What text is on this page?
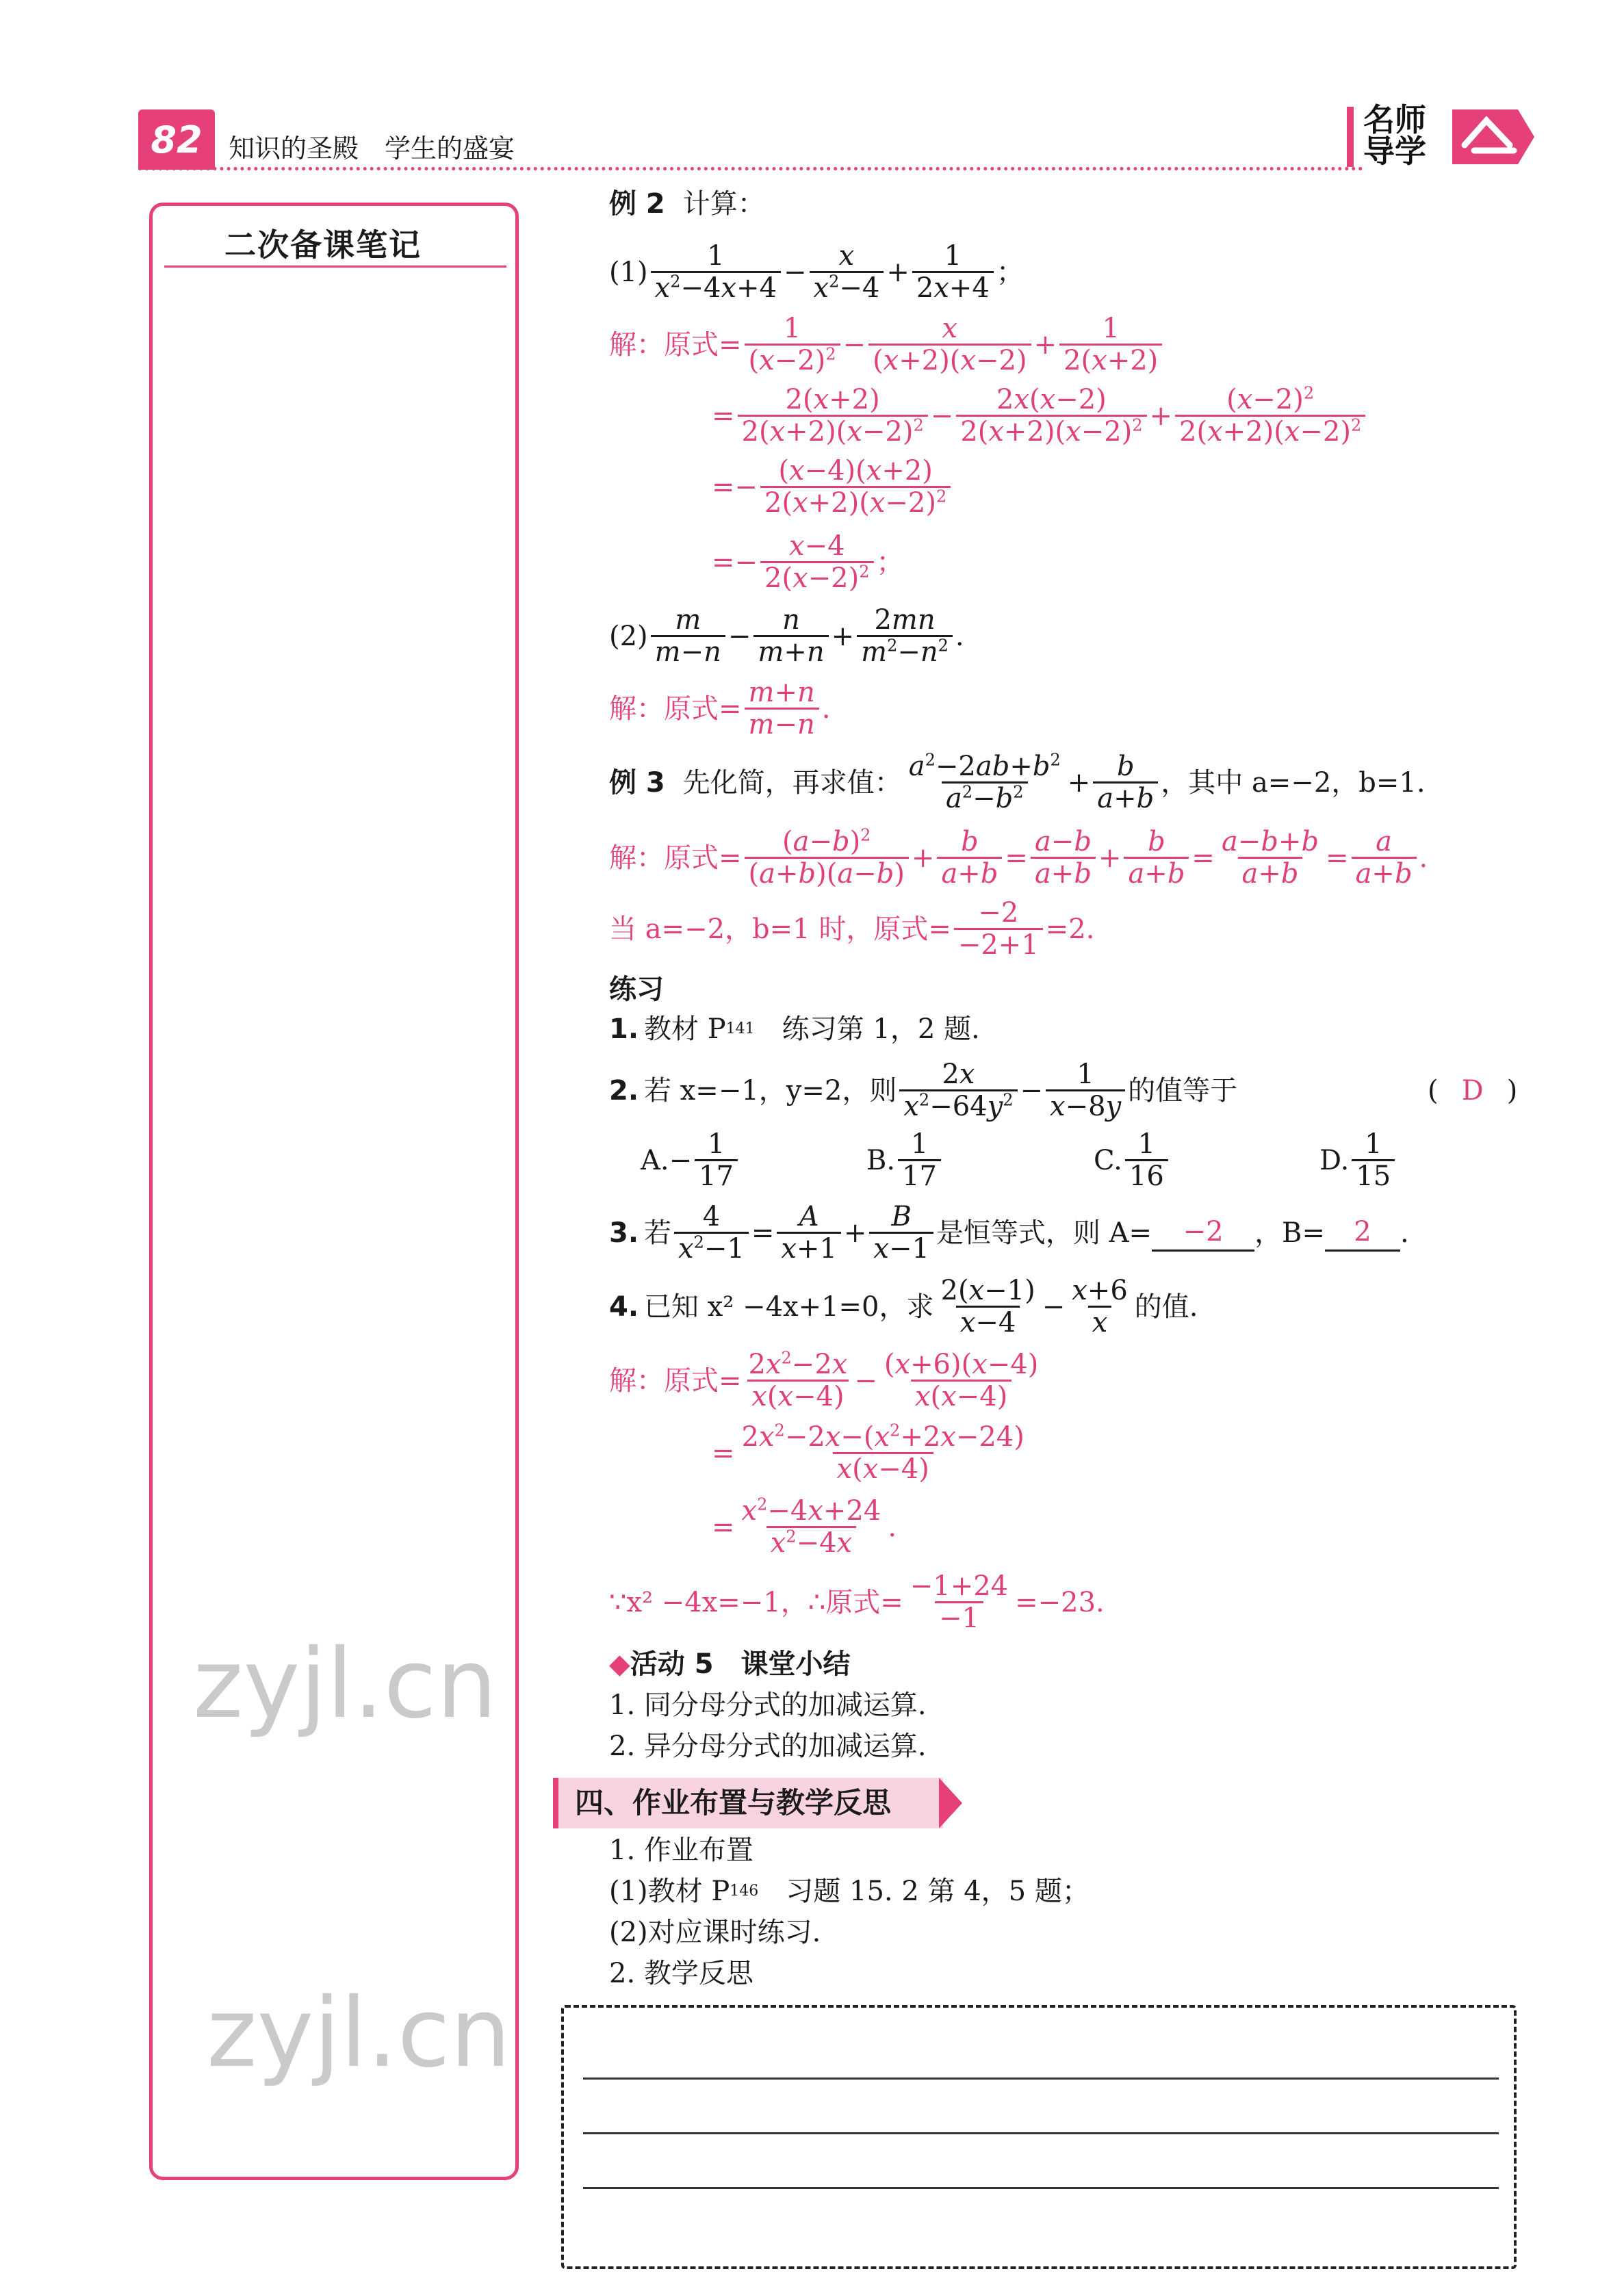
82	知识的圣殿　学生的盛宴
名师
导学
二次备课笔记
zyjl.cn
zyjl.cn
例 2 计算：
(1)
1
$x^2-4x+4$
− $\frac{x}{x^2-4} + \frac{1}{2x+4}$ ；
解：原式 = $\frac{1}{(x-2)^2} - \frac{x}{(x+2)(x-2)} + \frac{1}{2(x+2)}$
= $\frac{2(x+2)}{2(x+2)(x-2)^2} - \frac{2x(x-2)}{2(x+2)(x-2)^2} + \frac{(x-2)^2}{2(x+2)(x-2)^2}$
=− $\frac{(x-4)(x+2)}{2(x+2)(x-2)^2}$
=− $\frac{x-4}{2(x-2)^2}$ ；
(2)
m
m−n
− $\frac{n}{m+n} + \frac{2mn}{m^2-n^2}$ .
解：原式 = $\frac{m+n}{m-n}$ .
例 3 先化简，再求值：
$a^2-2ab+b^2$
$a^2-b^2 + \frac{b}{a+b}$ ，其中 a=−2，b=1.
解：原式 = $\frac{(a-b)^2}{(a+b)(a-b)} + \frac{b}{a+b} = \frac{a-b}{a+b} + \frac{b}{a+b} = \frac{a-b+b}{a+b} = \frac{a}{a+b}$ .
当 a=−2，b=1 时，原式= $\frac{-2}{-2+1} =2$.
练习
1. 教材 P 141 　练习第 1，2 题.
2. 若 x=−1，y=2，则
2x
$x^2-64y^2 - \frac{1}{x-8y}$ 的值等于	( D )
A. − $\frac{1}{17}$	B.
1
17
C.
1
16
D.
1
15
3. 若 $\frac{4}{x^2-1} = \frac{A}{x+1} + \frac{B}{x-1}$ 是恒等式，则 A=	−2	，B=	2	.
4. 已知 x² −4x+1=0，求
2(x−1)
x−4
− $\frac{x+6}{x}$ 的值.
解：原式 = $\frac{2x^2-2x}{x(x-4)} - \frac{(x+6)(x-4)}{x(x-4)}$
= $\frac{2x^2-2x-(x^2+2x-24)}{x(x-4)}$
= $\frac{x^2-4x+24}{x^2-4x}$ .
∵x² −4x=−1，∴原式= $\frac{-1+24}{-1} =-23$.
◆ 活动 5　课堂小结
1. 同分母分式的加减运算.
2. 异分母分式的加减运算.
四、作业布置与教学反思
1. 作业布置
(1)教材 P 146 　习题 15. 2 第 4，5 题；
(2)对应课时练习.
2. 教学反思
